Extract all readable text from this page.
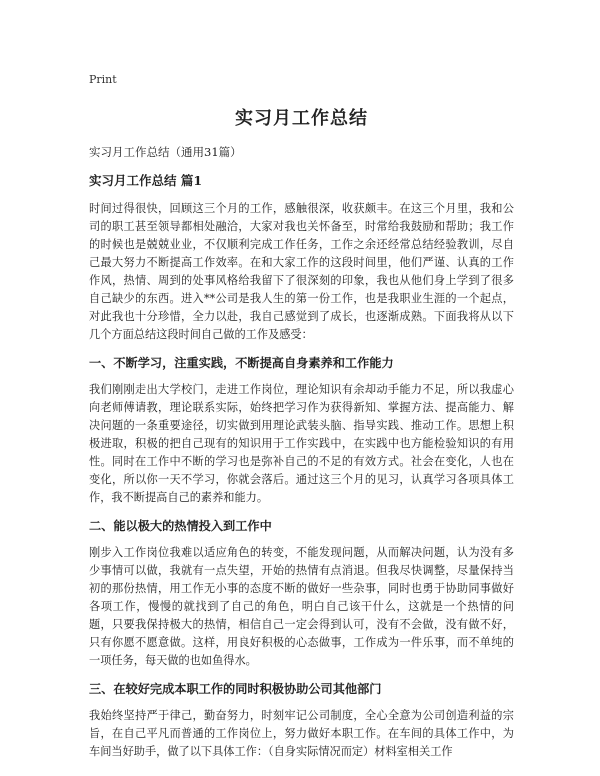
Print
实习月工作总结
实习月工作总结（通用31篇）
实习月工作总结 篇1

时间过得很快，回顾这三个月的工作，感触很深，收获颇丰。在这三个月里，我和公司的职工甚至领导都相处融洽，大家对我也关怀备至，时常给我鼓励和帮助；我工作的时候也是兢兢业业，不仅顺利完成工作任务，工作之余还经常总结经验教训，尽自己最大努力不断提高工作效率。在和大家工作的这段时间里，他们严谨、认真的工作作风，热情、周到的处事风格给我留下了很深刻的印象，我也从他们身上学到了很多自己缺少的东西。进入**公司是我人生的第一份工作，也是我职业生涯的一个起点，对此我也十分珍惜，全力以赴，我自己感觉到了成长，也逐渐成熟。下面我将从以下几个方面总结这段时间自己做的工作及感受：

一、不断学习，注重实践，不断提高自身素养和工作能力

我们刚刚走出大学校门，走进工作岗位，理论知识有余却动手能力不足，所以我虚心向老师傅请教，理论联系实际，始终把学习作为获得新知、掌握方法、提高能力、解决问题的一条重要途径，切实做到用理论武装头脑、指导实践、推动工作。思想上积极进取，积极的把自己现有的知识用于工作实践中，在实践中也方能检验知识的有用性。同时在工作中不断的学习也是弥补自己的不足的有效方式。社会在变化，人也在变化，所以你一天不学习，你就会落后。通过这三个月的见习，认真学习各项具体工作，我不断提高自己的素养和能力。

二、能以极大的热情投入到工作中

刚步入工作岗位我难以适应角色的转变，不能发现问题，从而解决问题，认为没有多少事情可以做，我就有一点失望，开始的热情有点消退。但我尽快调整，尽量保持当初的那份热情，用工作无小事的态度不断的做好一些杂事，同时也勇于协助同事做好各项工作，慢慢的就找到了自己的角色，明白自己该干什么，这就是一个热情的问题，只要我保持极大的热情，相信自己一定会得到认可，没有不会做，没有做不好，只有你愿不愿意做。这样，用良好积极的心态做事，工作成为一件乐事，而不单纯的一项任务，每天做的也如鱼得水。

三、在较好完成本职工作的同时积极协助公司其他部门

我始终坚持严于律己，勤奋努力，时刻牢记公司制度，全心全意为公司创造利益的宗旨，在自己平凡而普通的工作岗位上，努力做好本职工作。在车间的具体工作中，为车间当好助手，做了以下具体工作：（自身实际情况而定）材料室相关工作
